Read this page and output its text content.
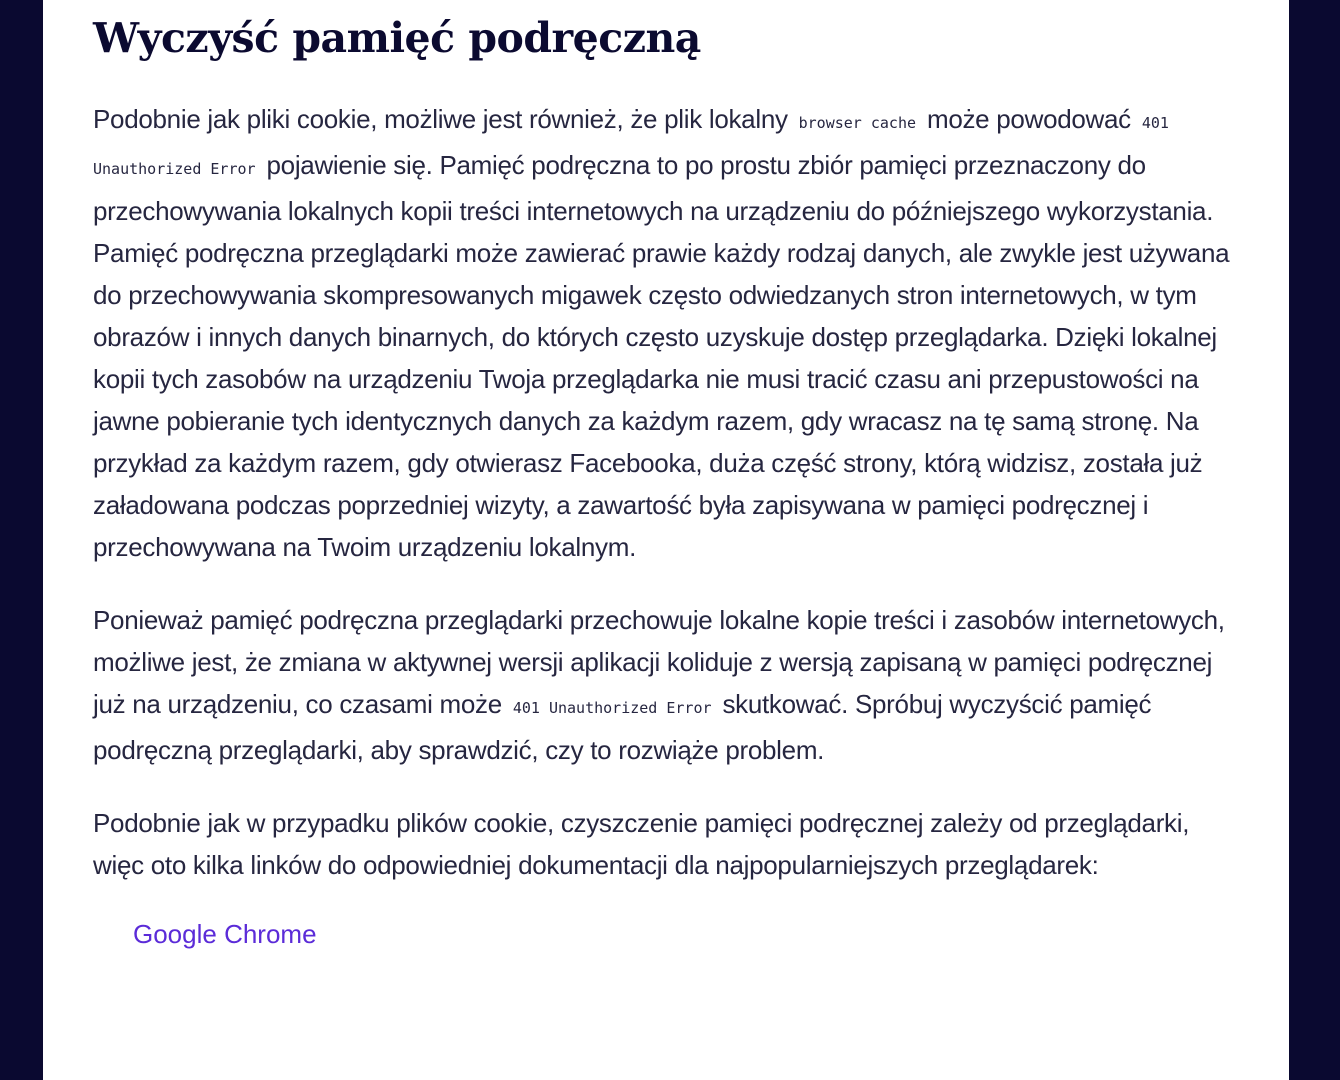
Wyczyść pamięć podręczną

Podobnie jak pliki cookie, możliwe jest również, że plik lokalny browser cache może powodować 401 Unauthorized Error pojawienie się. Pamięć podręczna to po prostu zbiór pamięci przeznaczony do przechowywania lokalnych kopii treści internetowych na urządzeniu do późniejszego wykorzystania. Pamięć podręczna przeglądarki może zawierać prawie każdy rodzaj danych, ale zwykle jest używana do przechowywania skompresowanych migawek często odwiedzanych stron internetowych, w tym obrazów i innych danych binarnych, do których często uzyskuje dostęp przeglądarka. Dzięki lokalnej kopii tych zasobów na urządzeniu Twoja przeglądarka nie musi tracić czasu ani przepustowości na jawne pobieranie tych identycznych danych za każdym razem, gdy wracasz na tę samą stronę. Na przykład za każdym razem, gdy otwierasz Facebooka, duża część strony, którą widzisz, została już załadowana podczas poprzedniej wizyty, a zawartość była zapisywana w pamięci podręcznej i przechowywana na Twoim urządzeniu lokalnym.

Ponieważ pamięć podręczna przeglądarki przechowuje lokalne kopie treści i zasobów internetowych, możliwe jest, że zmiana w aktywnej wersji aplikacji koliduje z wersją zapisaną w pamięci podręcznej już na urządzeniu, co czasami może 401 Unauthorized Error skutkować. Spróbuj wyczyścić pamięć podręczną przeglądarki, aby sprawdzić, czy to rozwiąże problem.

Podobnie jak w przypadku plików cookie, czyszczenie pamięci podręcznej zależy od przeglądarki, więc oto kilka linków do odpowiedniej dokumentacji dla najpopularniejszych przeglądarek:

Google Chrome
